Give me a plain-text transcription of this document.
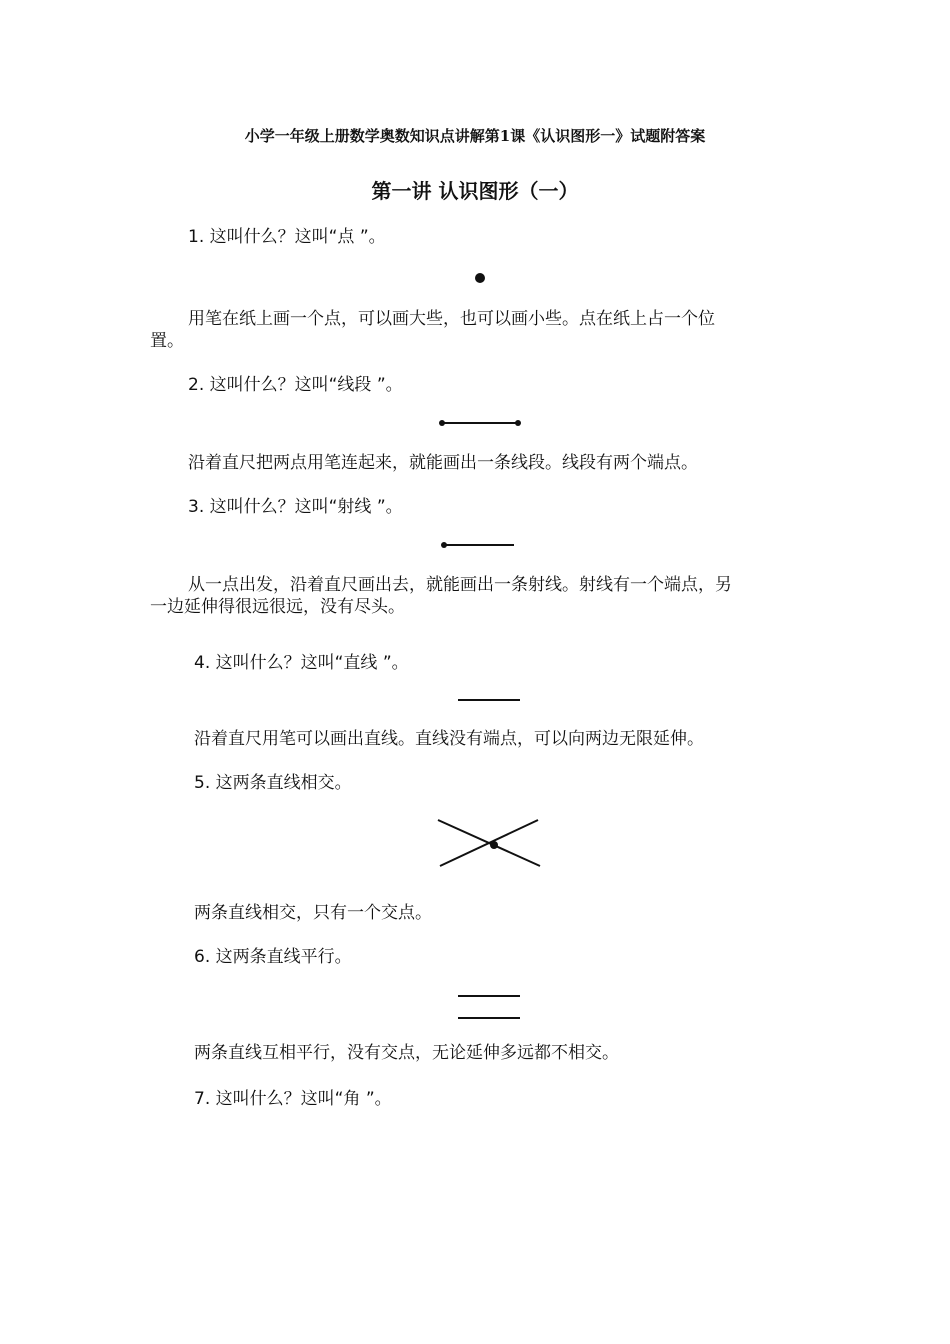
小学一年级上册数学奥数知识点讲解第1课《认识图形一》试题附答案
第一讲 认识图形（一）
1. 这叫什么？这叫“点 ”。
用笔在纸上画一个点，可以画大些，也可以画小些。点在纸上占一个位
置。
2. 这叫什么？这叫“线段 ”。
沿着直尺把两点用笔连起来，就能画出一条线段。线段有两个端点。
3. 这叫什么？这叫“射线 ”。
从一点出发，沿着直尺画出去，就能画出一条射线。射线有一个端点，另
一边延伸得很远很远，没有尽头。
4. 这叫什么？这叫“直线 ”。
沿着直尺用笔可以画出直线。直线没有端点，可以向两边无限延伸。
5. 这两条直线相交。
两条直线相交，只有一个交点。
6. 这两条直线平行。
两条直线互相平行，没有交点，无论延伸多远都不相交。
7. 这叫什么？这叫“角 ”。
